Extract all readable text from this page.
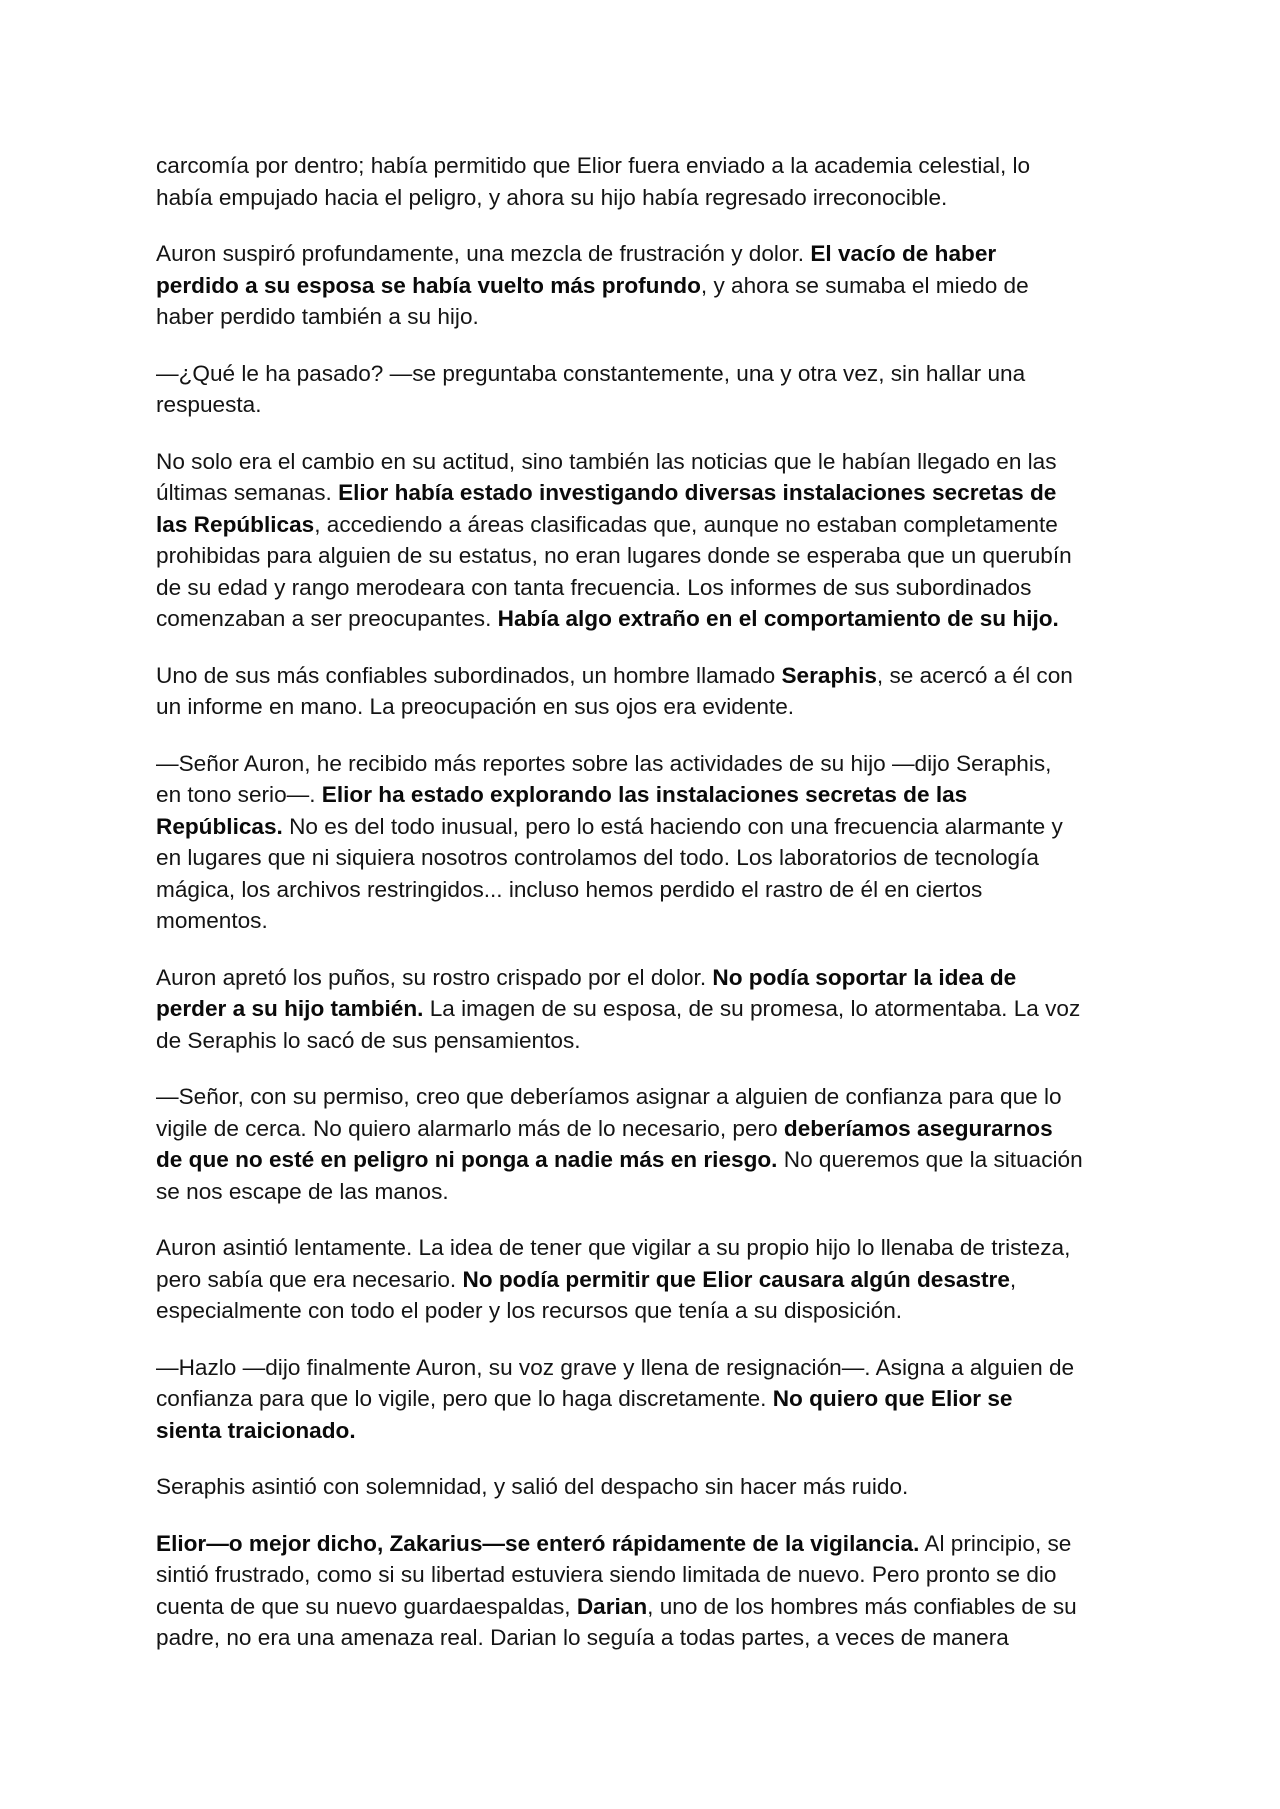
carcomía por dentro; había permitido que Elior fuera enviado a la academia celestial, lo
había empujado hacia el peligro, y ahora su hijo había regresado irreconocible.

Auron suspiró profundamente, una mezcla de frustración y dolor. El vacío de haber
perdido a su esposa se había vuelto más profundo, y ahora se sumaba el miedo de
haber perdido también a su hijo.

—¿Qué le ha pasado? —se preguntaba constantemente, una y otra vez, sin hallar una
respuesta.

No solo era el cambio en su actitud, sino también las noticias que le habían llegado en las
últimas semanas. Elior había estado investigando diversas instalaciones secretas de
las Repúblicas, accediendo a áreas clasificadas que, aunque no estaban completamente
prohibidas para alguien de su estatus, no eran lugares donde se esperaba que un querubín
de su edad y rango merodeara con tanta frecuencia. Los informes de sus subordinados
comenzaban a ser preocupantes. Había algo extraño en el comportamiento de su hijo.

Uno de sus más confiables subordinados, un hombre llamado Seraphis, se acercó a él con
un informe en mano. La preocupación en sus ojos era evidente.

—Señor Auron, he recibido más reportes sobre las actividades de su hijo —dijo Seraphis,
en tono serio—. Elior ha estado explorando las instalaciones secretas de las
Repúblicas. No es del todo inusual, pero lo está haciendo con una frecuencia alarmante y
en lugares que ni siquiera nosotros controlamos del todo. Los laboratorios de tecnología
mágica, los archivos restringidos... incluso hemos perdido el rastro de él en ciertos
momentos.

Auron apretó los puños, su rostro crispado por el dolor. No podía soportar la idea de
perder a su hijo también. La imagen de su esposa, de su promesa, lo atormentaba. La voz
de Seraphis lo sacó de sus pensamientos.

—Señor, con su permiso, creo que deberíamos asignar a alguien de confianza para que lo
vigile de cerca. No quiero alarmarlo más de lo necesario, pero deberíamos asegurarnos
de que no esté en peligro ni ponga a nadie más en riesgo. No queremos que la situación
se nos escape de las manos.

Auron asintió lentamente. La idea de tener que vigilar a su propio hijo lo llenaba de tristeza,
pero sabía que era necesario. No podía permitir que Elior causara algún desastre,
especialmente con todo el poder y los recursos que tenía a su disposición.

—Hazlo —dijo finalmente Auron, su voz grave y llena de resignación—. Asigna a alguien de
confianza para que lo vigile, pero que lo haga discretamente. No quiero que Elior se
sienta traicionado.

Seraphis asintió con solemnidad, y salió del despacho sin hacer más ruido.

Elior—o mejor dicho, Zakarius—se enteró rápidamente de la vigilancia. Al principio, se
sintió frustrado, como si su libertad estuviera siendo limitada de nuevo. Pero pronto se dio
cuenta de que su nuevo guardaespaldas, Darian, uno de los hombres más confiables de su
padre, no era una amenaza real. Darian lo seguía a todas partes, a veces de manera
